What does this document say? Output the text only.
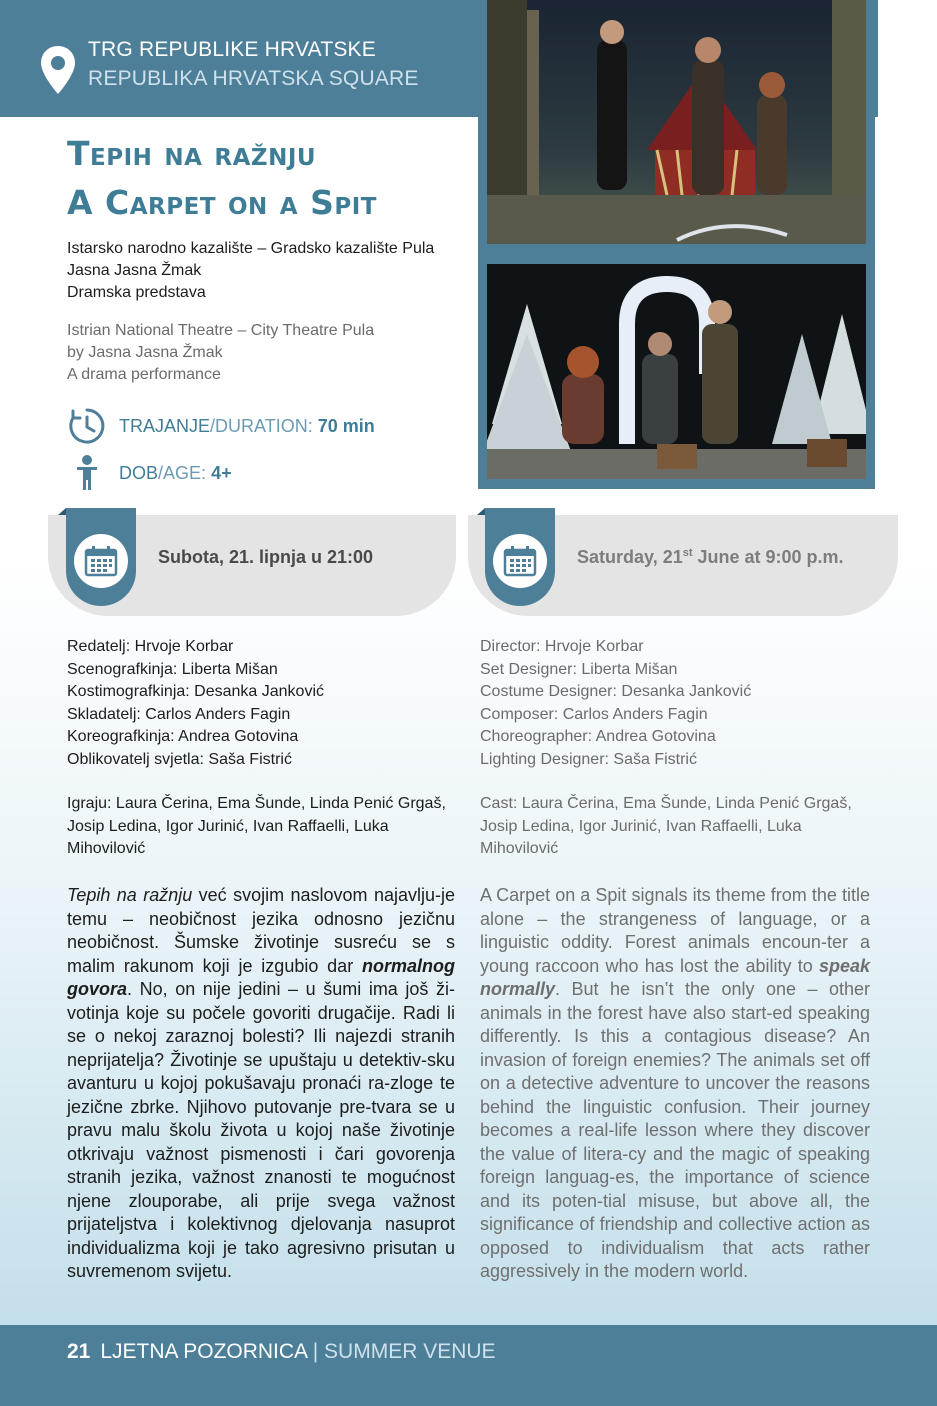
TRG REPUBLIKE HRVATSKE
REPUBLIKA HRVATSKA SQUARE
Tepih na ražnju
A Carpet on a Spit
Istarsko narodno kazalište – Gradsko kazalište Pula
Jasna Jasna Žmak
Dramska predstava
Istrian National Theatre – City Theatre Pula
by Jasna Jasna Žmak
A drama performance
TRAJANJE/DURATION: 70 min
DOB/AGE: 4+
Subota, 21. lipnja u 21:00	Saturday, 21st June at 9:00 p.m.
Redatelj: Hrvoje Korbar
Scenografkinja: Liberta Mišan
Kostimografkinja: Desanka Janković
Skladatelj: Carlos Anders Fagin
Koreografkinja: Andrea Gotovina
Oblikovatelj svjetla: Saša Fistrić
Director: Hrvoje Korbar
Set Designer: Liberta Mišan
Costume Designer: Desanka Janković
Composer: Carlos Anders Fagin
Choreographer: Andrea Gotovina
Lighting Designer: Saša Fistrić
Igraju: Laura Čerina, Ema Šunde, Linda Penić Grgaš, Josip Ledina, Igor Jurinić, Ivan Raffaelli, Luka Mihovilović
Cast: Laura Čerina, Ema Šunde, Linda Penić Grgaš, Josip Ledina, Igor Jurinić, Ivan Raffaelli, Luka Mihovilović
Tepih na ražnju već svojim naslovom najavlju-je temu – neobičnost jezika odnosno jezičnu neobičnost. Šumske životinje susreću se s malim rakunom koji je izgubio dar normalnog govora. No, on nije jedini – u šumi ima još ži-votinja koje su počele govoriti drugačije. Radi li se o nekoj zaraznoj bolesti? Ili najezdi stranih neprijatelja? Životinje se upuštaju u detektiv-sku avanturu u kojoj pokušavaju pronaći ra-zloge te jezične zbrke. Njihovo putovanje pre-tvara se u pravu malu školu života u kojoj naše životinje otkrivaju važnost pismenosti i čari govorenja stranih jezika, važnost znanosti te mogućnost njene zlouporabe, ali prije svega važnost prijateljstva i kolektivnog djelovanja nasuprot individualizma koji je tako agresivno prisutan u suvremenom svijetu.
A Carpet on a Spit signals its theme from the title alone – the strangeness of language, or a linguistic oddity. Forest animals encoun-ter a young raccoon who has lost the ability to speak normally. But he isn’t the only one – other animals in the forest have also start-ed speaking differently. Is this a contagious disease? An invasion of foreign enemies? The animals set off on a detective adventure to uncover the reasons behind the linguistic confusion. Their journey becomes a real-life lesson where they discover the value of litera-cy and the magic of speaking foreign languag-es, the importance of science and its poten-tial misuse, but above all, the significance of friendship and collective action as opposed to individualism that acts rather aggressively in the modern world.
21 LJETNA POZORNICA | SUMMER VENUE
